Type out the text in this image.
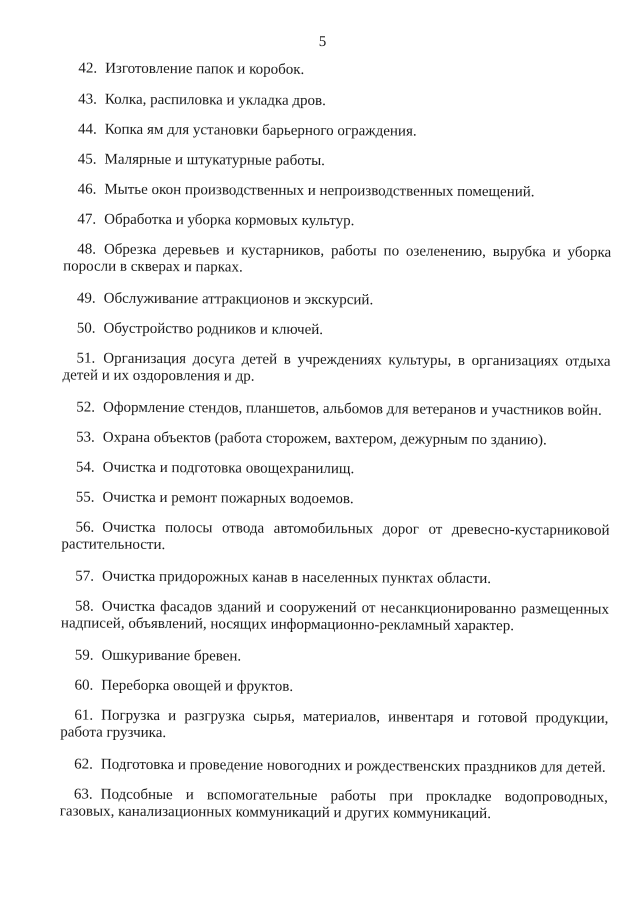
5
42. Изготовление папок и коробок.
43. Колка, распиловка и укладка дров.
44. Копка ям для установки барьерного ограждения.
45. Малярные и штукатурные работы.
46. Мытье окон производственных и непроизводственных помещений.
47. Обработка и уборка кормовых культур.
48. Обрезка деревьев и кустарников, работы по озеленению, вырубка и уборка поросли в скверах и парках.
49. Обслуживание аттракционов и экскурсий.
50. Обустройство родников и ключей.
51. Организация досуга детей в учреждениях культуры, в организациях отдыха детей и их оздоровления и др.
52. Оформление стендов, планшетов, альбомов для ветеранов и участников войн.
53. Охрана объектов (работа сторожем, вахтером, дежурным по зданию).
54. Очистка и подготовка овощехранилищ.
55. Очистка и ремонт пожарных водоемов.
56. Очистка полосы отвода автомобильных дорог от древесно-кустарниковой растительности.
57. Очистка придорожных канав в населенных пунктах области.
58. Очистка фасадов зданий и сооружений от несанкционированно размещенных надписей, объявлений, носящих информационно-рекламный характер.
59. Ошкуривание бревен.
60. Переборка овощей и фруктов.
61. Погрузка и разгрузка сырья, материалов, инвентаря и готовой продукции, работа грузчика.
62. Подготовка и проведение новогодних и рождественских праздников для детей.
63. Подсобные и вспомогательные работы при прокладке водопроводных, газовых, канализационных коммуникаций и других коммуникаций.
